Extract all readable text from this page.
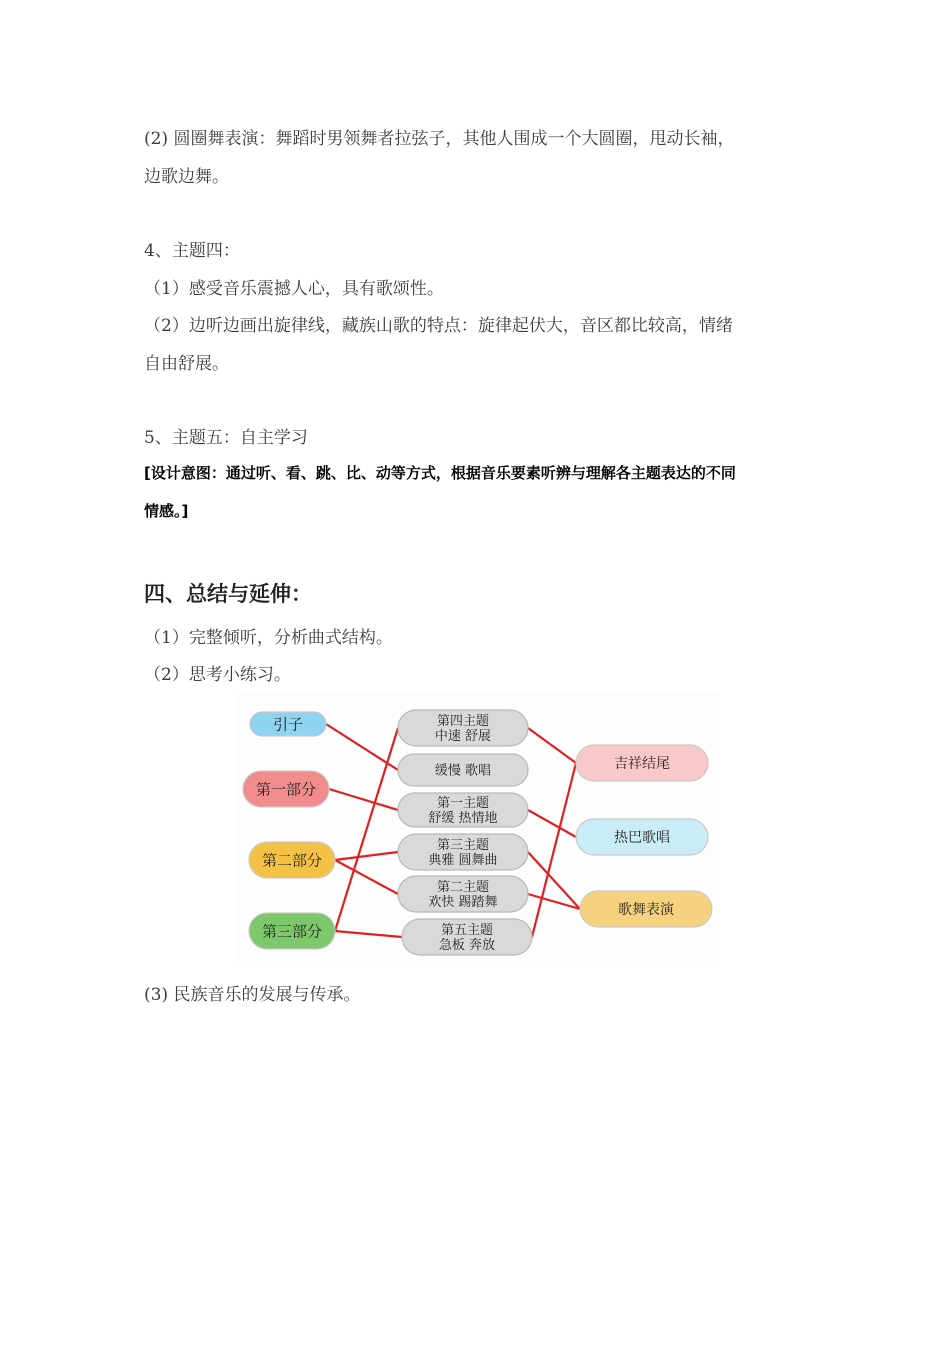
(2) 圆圈舞表演：舞蹈时男领舞者拉弦子，其他人围成一个大圆圈，甩动长袖，
边歌边舞。
4、主题四：
（1）感受音乐震撼人心，具有歌颂性。
（2）边听边画出旋律线，藏族山歌的特点：旋律起伏大，音区都比较高，情绪
自由舒展。
5、主题五：自主学习
[设计意图：通过听、看、跳、比、动等方式，根据音乐要素听辨与理解各主题表达的不同
情感。]
四、总结与延伸：
（1）完整倾听，分析曲式结构。
（2）思考小练习。
引子
第一部分
第二部分
第三部分
第四主题
中速 舒展
缓慢 歌唱
第一主题
舒缓 热情地
第三主题
典雅 圆舞曲
第二主题
欢快 踢踏舞
第五主题
急板 奔放
吉祥结尾
热巴歌唱
歌舞表演
(3) 民族音乐的发展与传承。
